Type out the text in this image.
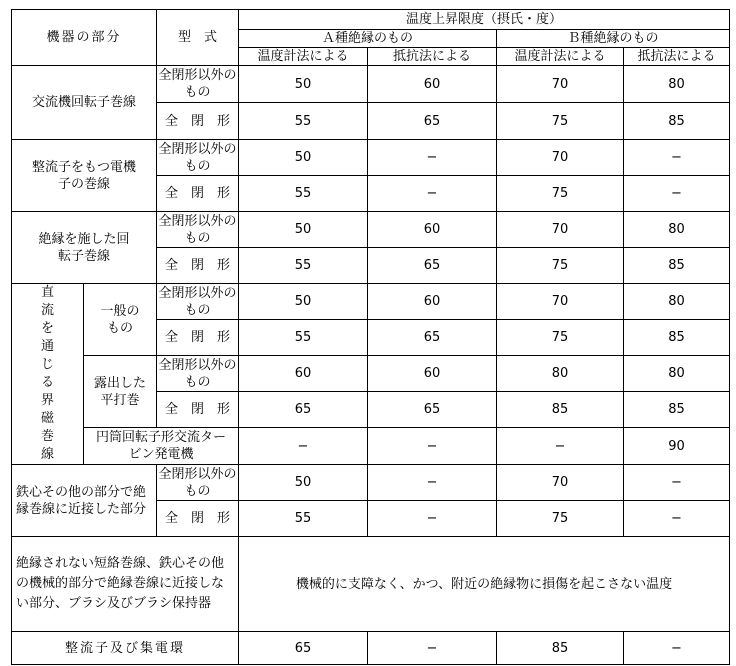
機器の部分		型　式	温度上昇限度（摂氏・度）			
			Ａ種絶縁のもの		Ｂ種絶縁のもの	
			温度計法による	抵抗法による	温度計法による	抵抗法による
交流機回転子巻線		全閉形以外のもの	50	60	70	80
		全　閉　形	55	65	75	85
整流子をもつ電機子の巻線		全閉形以外のもの	50	−	70	−
		全　閉　形	55	−	75	−
絶縁を施した回転子巻線		全閉形以外のもの	50	60	70	80
		全　閉　形	55	65	75	85
直流を通じる界磁巻線	一般のもの	全閉形以外のもの	50	60	70	80
		全　閉　形	55	65	75	85
	露出した平打巻	全閉形以外のもの	60	60	80	80
		全　閉　形	65	65	85	85
	円筒回転子形交流タービン発電機		−	−	−	90
鉄心その他の部分で絶縁巻線に近接した部分		全閉形以外のもの	50	−	70	−
		全　閉　形	55	−	75	−
絶縁されない短絡巻線、鉄心その他の機械的部分で絶縁巻線に近接しない部分、ブラシ及びブラシ保持器			機械的に支障なく、かつ、附近の絶縁物に損傷を起こさない温度			
整流子及び集電環			65	−	85	−
